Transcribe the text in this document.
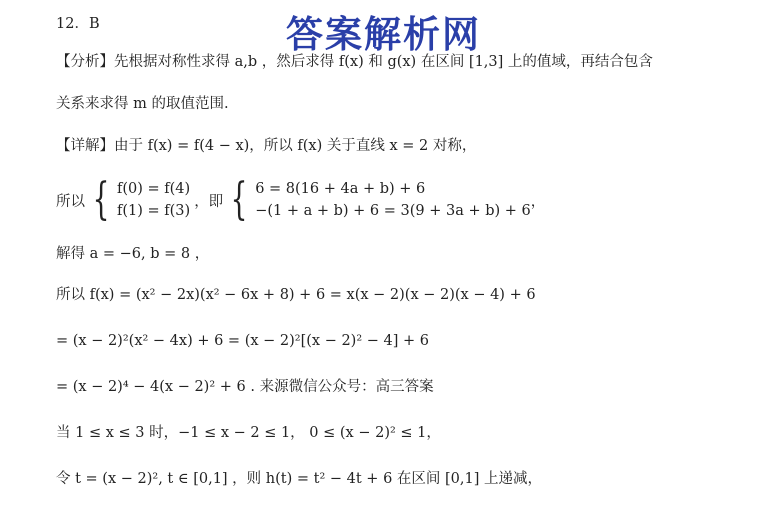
12．B	答案解析网
【分析】先根据对称性求得 a,b ，然后求得 f(x) 和 g(x) 在区间 [1,3] 上的值域，再结合包含
关系来求得 m 的取值范围.
【详解】由于 f(x) = f(4 − x)，所以 f(x) 关于直线 x = 2 对称，
所以 { f(0) = f(4)
f(1) = f(3)
，即 { 6 = 8(16 + 4a + b) + 6
−(1 + a + b) + 6 = 3(9 + 3a + b) + 6
，
解得 a = −6, b = 8 ，
所以 f(x) = (x² − 2x)(x² − 6x + 8) + 6 = x(x − 2)(x − 2)(x − 4) + 6
= (x − 2)²(x² − 4x) + 6 = (x − 2)²[(x − 2)² − 4] + 6
= (x − 2)⁴ − 4(x − 2)² + 6 . 来源微信公众号：高三答案
当 1 ≤ x ≤ 3 时，−1 ≤ x − 2 ≤ 1， 0 ≤ (x − 2)² ≤ 1，
令 t = (x − 2)², t ∈ [0,1] ，则 h(t) = t² − 4t + 6 在区间 [0,1] 上递减，
